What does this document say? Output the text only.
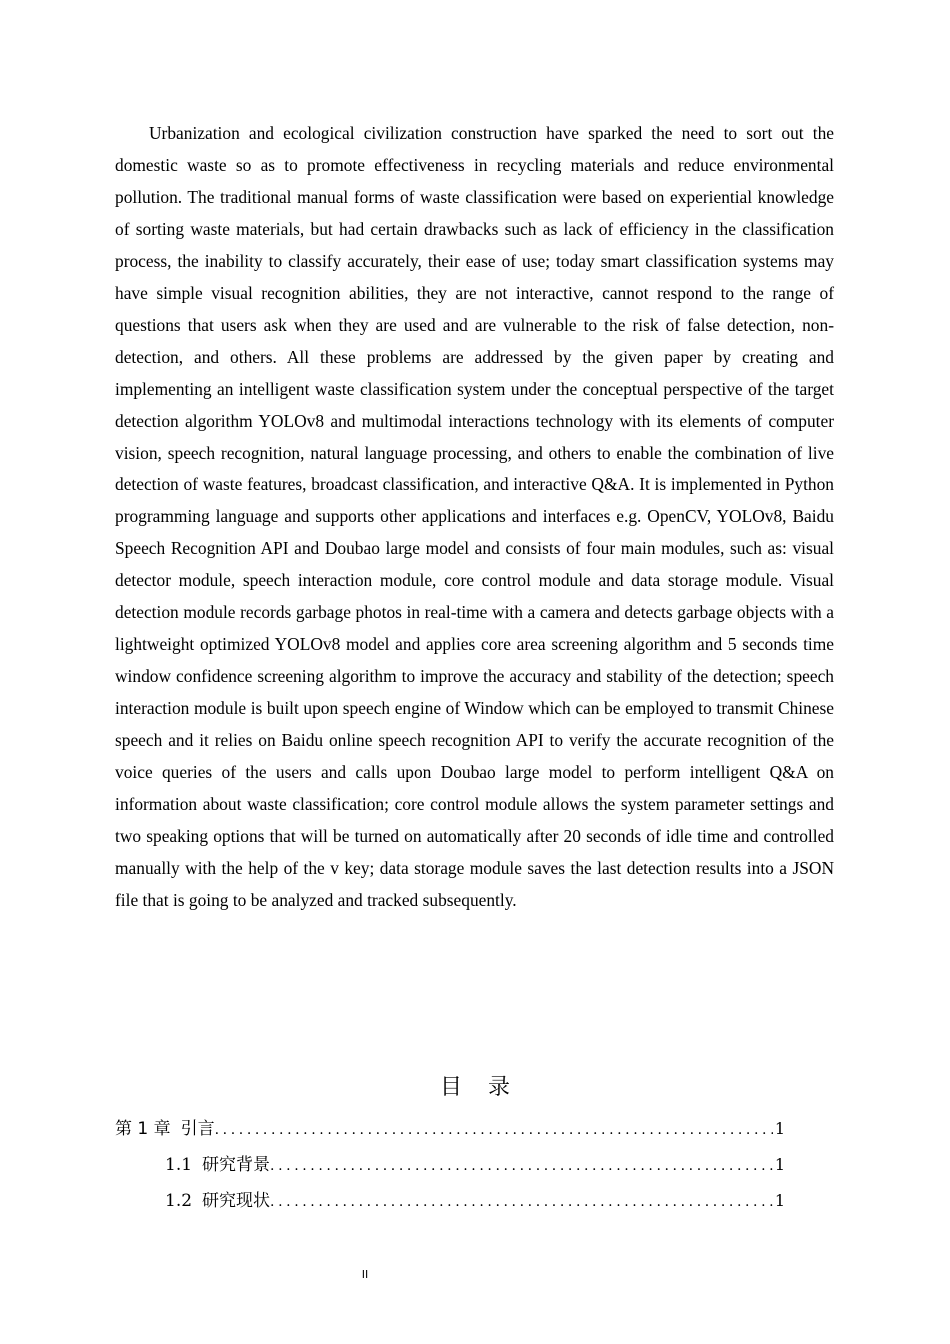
Urbanization and ecological civilization construction have sparked the need to sort out the domestic waste so as to promote effectiveness in recycling materials and reduce environmental pollution. The traditional manual forms of waste classification were based on experiential knowledge of sorting waste materials, but had certain drawbacks such as lack of efficiency in the classification process, the inability to classify accurately, their ease of use; today smart classification systems may have simple visual recognition abilities, they are not interactive, cannot respond to the range of questions that users ask when they are used and are vulnerable to the risk of false detection, non-detection, and others. All these problems are addressed by the given paper by creating and implementing an intelligent waste classification system under the conceptual perspective of the target detection algorithm YOLOv8 and multimodal interactions technology with its elements of computer vision, speech recognition, natural language processing, and others to enable the combination of live detection of waste features, broadcast classification, and interactive Q&A. It is implemented in Python programming language and supports other applications and interfaces e.g. OpenCV, YOLOv8, Baidu Speech Recognition API and Doubao large model and consists of four main modules, such as: visual detector module, speech interaction module, core control module and data storage module. Visual detection module records garbage photos in real-time with a camera and detects garbage objects with a lightweight optimized YOLOv8 model and applies core area screening algorithm and 5 seconds time window confidence screening algorithm to improve the accuracy and stability of the detection; speech interaction module is built upon speech engine of Window which can be employed to transmit Chinese speech and it relies on Baidu online speech recognition API to verify the accurate recognition of the voice queries of the users and calls upon Doubao large model to perform intelligent Q&A on information about waste classification; core control module allows the system parameter settings and two speaking options that will be turned on automatically after 20 seconds of idle time and controlled manually with the help of the v key; data storage module saves the last detection results into a JSON file that is going to be analyzed and tracked subsequently.

目录
第 1 章 引言 .....	1
1.1 研究背景 .....	1
1.2 研究现状 .....	1
II
